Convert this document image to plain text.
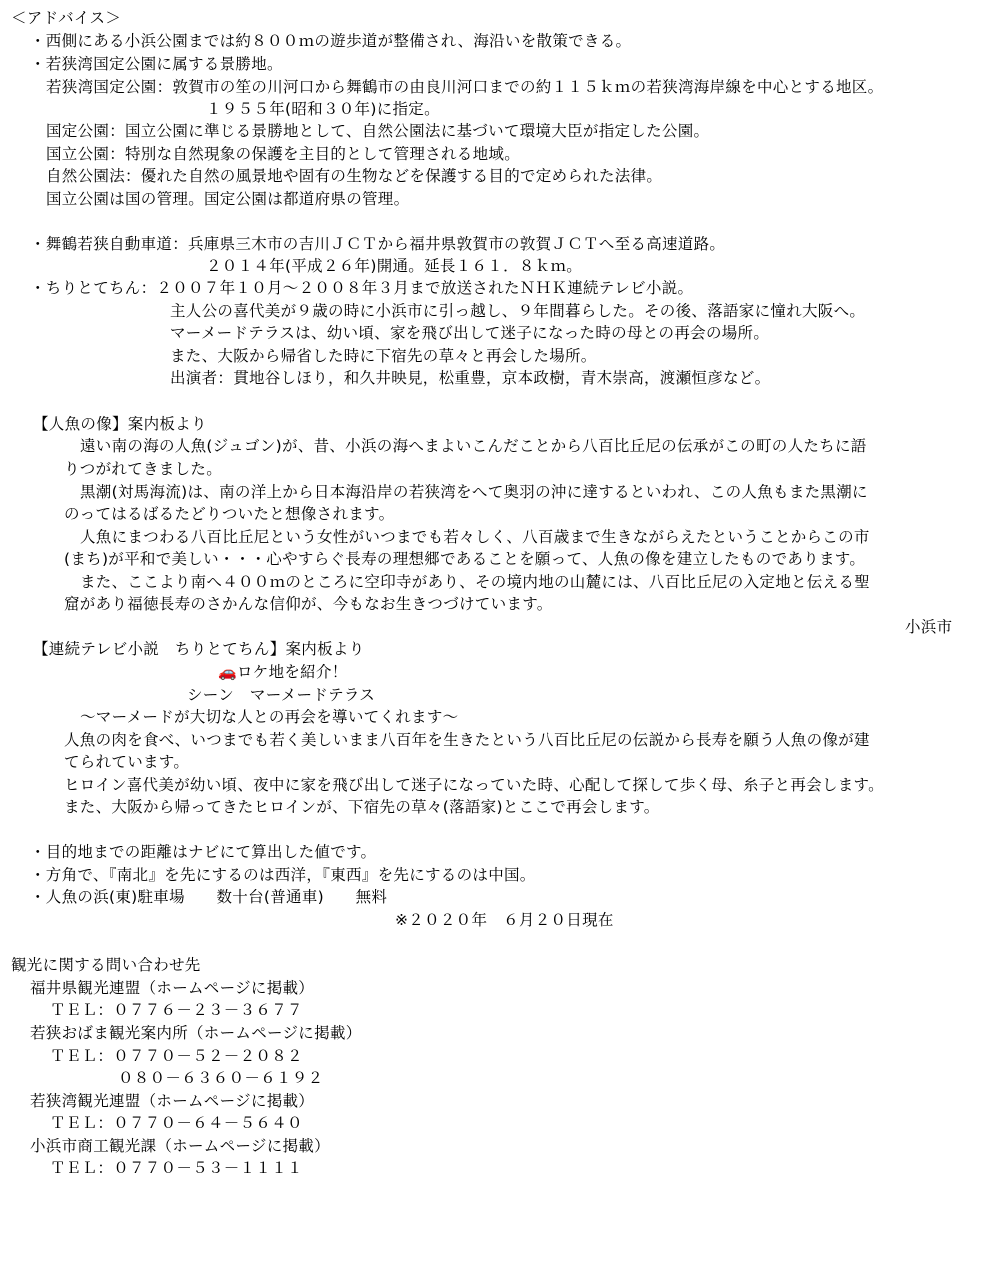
＜アドバイス＞
・西側にある小浜公園までは約８００ｍの遊歩道が整備され、海沿いを散策できる。
・若狭湾国定公園に属する景勝地。
若狭湾国定公園：敦賀市の笙の川河口から舞鶴市の由良川河口までの約１１５ｋｍの若狭湾海岸線を中心とする地区。
１９５５年(昭和３０年)に指定。
国定公園：国立公園に準じる景勝地として、自然公園法に基づいて環境大臣が指定した公園。
国立公園：特別な自然現象の保護を主目的として管理される地域。
自然公園法：優れた自然の風景地や固有の生物などを保護する目的で定められた法律。
国立公園は国の管理。国定公園は都道府県の管理。
・舞鶴若狭自動車道：兵庫県三木市の吉川ＪＣＴから福井県敦賀市の敦賀ＪＣＴへ至る高速道路。
２０１４年(平成２６年)開通。延長１６１．８ｋｍ。
・ちりとてちん：２００７年１０月～２００８年３月まで放送されたＮＨＫ連続テレビ小説。
主人公の喜代美が９歳の時に小浜市に引っ越し、９年間暮らした。その後、落語家に憧れ大阪へ。
マーメードテラスは、幼い頃、家を飛び出して迷子になった時の母との再会の場所。
また、大阪から帰省した時に下宿先の草々と再会した場所。
出演者：貫地谷しほり，和久井映見，松重豊，京本政樹，青木崇高，渡瀬恒彦など。
【人魚の像】案内板より
遠い南の海の人魚(ジュゴン)が、昔、小浜の海へまよいこんだことから八百比丘尼の伝承がこの町の人たちに語
りつがれてきました。
黒潮(対馬海流)は、南の洋上から日本海沿岸の若狭湾をへて奥羽の沖に達するといわれ、この人魚もまた黒潮に
のってはるばるたどりついたと想像されます。
人魚にまつわる八百比丘尼という女性がいつまでも若々しく、八百歳まで生きながらえたということからこの市
(まち)が平和で美しい・・・心やすらぐ長寿の理想郷であることを願って、人魚の像を建立したものであります。
また、ここより南へ４００ｍのところに空印寺があり、その境内地の山麓には、八百比丘尼の入定地と伝える聖
窟があり福徳長寿のさかんな信仰が、今もなお生きつづけています。
小浜市
【連続テレビ小説　ちりとてちん】案内板より
🚗ロケ地を紹介！
シーン　マーメードテラス
～マーメードが大切な人との再会を導いてくれます～
人魚の肉を食べ、いつまでも若く美しいまま八百年を生きたという八百比丘尼の伝説から長寿を願う人魚の像が建
てられています。
ヒロイン喜代美が幼い頃、夜中に家を飛び出して迷子になっていた時、心配して探して歩く母、糸子と再会します。
また、大阪から帰ってきたヒロインが、下宿先の草々(落語家)とここで再会します。
・目的地までの距離はナビにて算出した値です。
・方角で、『南北』を先にするのは西洋，『東西』を先にするのは中国。
・人魚の浜(東)駐車場　　数十台(普通車)　　無料
※２０２０年　６月２０日現在
観光に関する問い合わせ先
福井県観光連盟（ホームページに掲載）
ＴＥＬ：０７７６－２３－３６７７
若狭おばま観光案内所（ホームページに掲載）
ＴＥＬ：０７７０－５２－２０８２
０８０－６３６０－６１９２
若狭湾観光連盟（ホームページに掲載）
ＴＥＬ：０７７０－６４－５６４０
小浜市商工観光課（ホームページに掲載）
ＴＥＬ：０７７０－５３－１１１１
